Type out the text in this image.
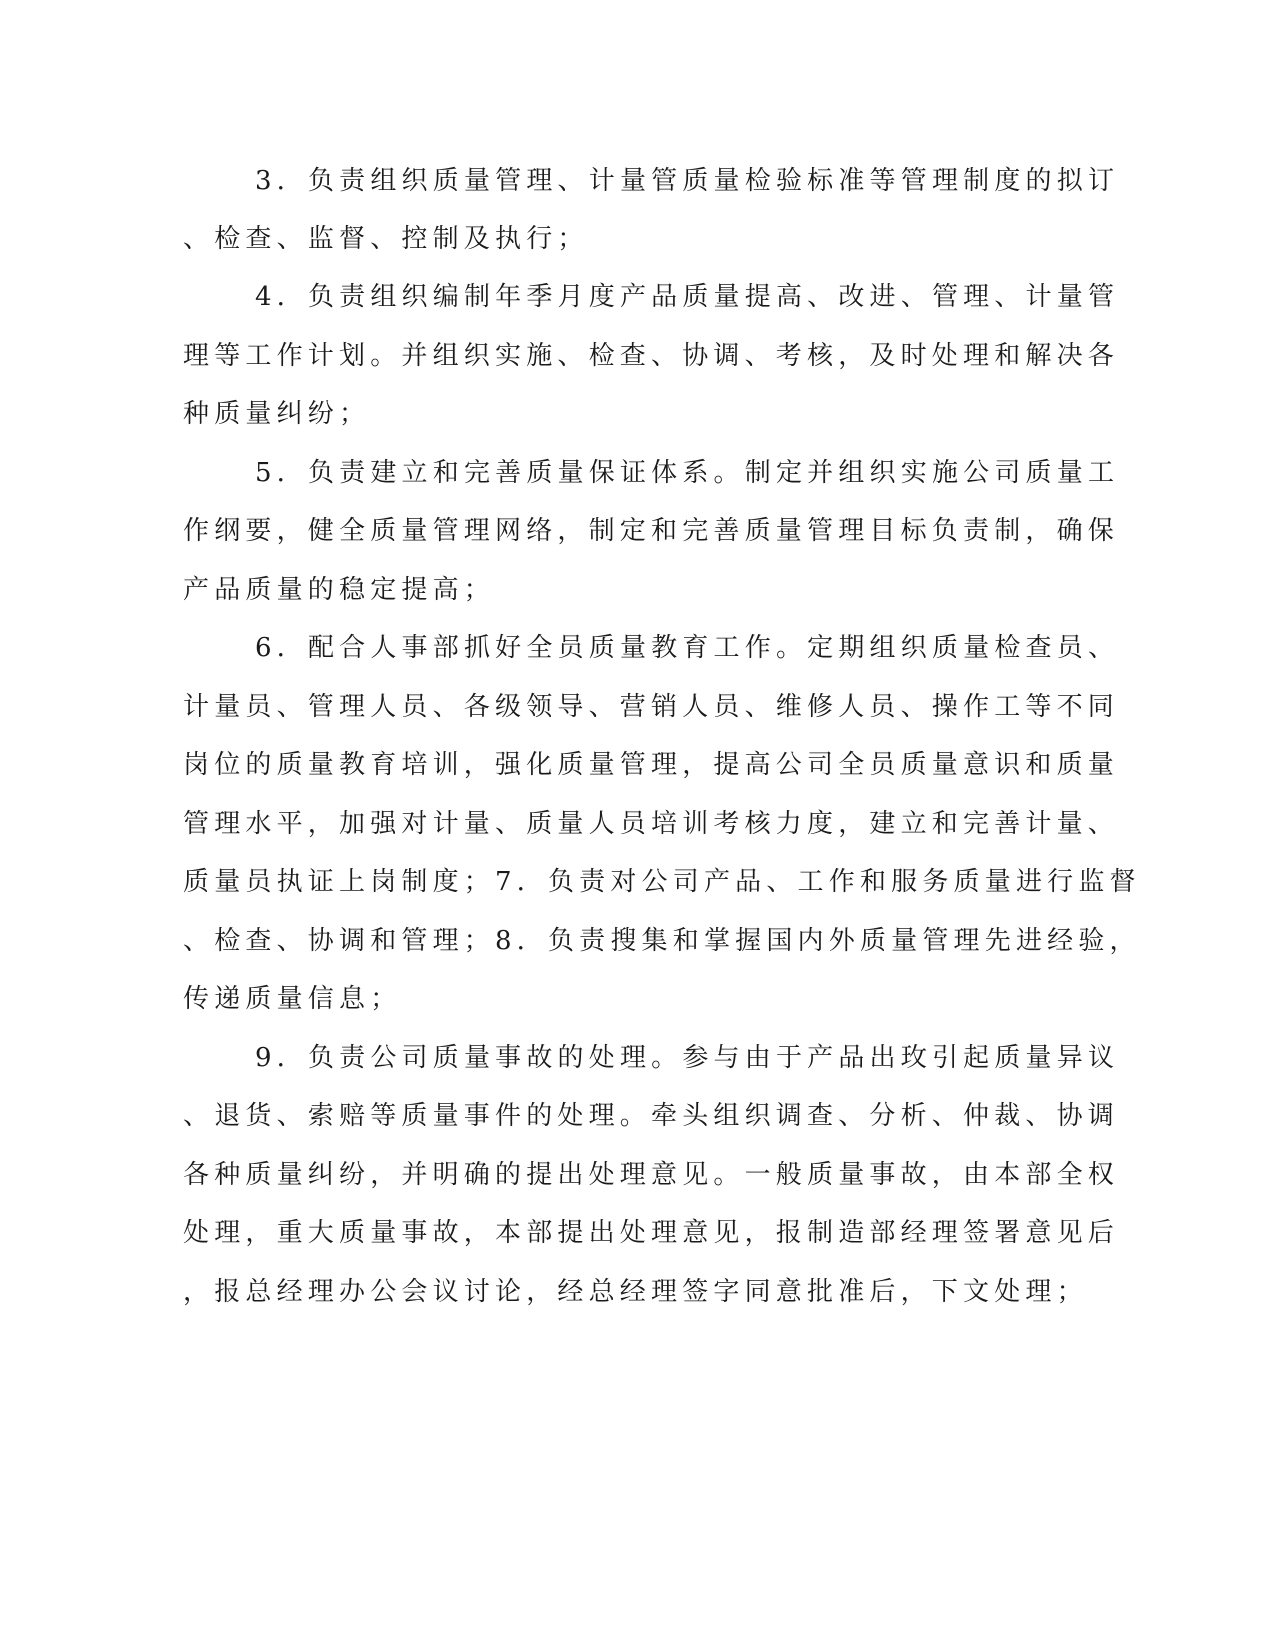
3．负责组织质量管理、计量管质量检验标准等管理制度的拟订

、检查、监督、控制及执行；

4．负责组织编制年季月度产品质量提高、改进、管理、计量管

理等工作计划。并组织实施、检查、协调、考核，及时处理和解决各

种质量纠纷；

5．负责建立和完善质量保证体系。制定并组织实施公司质量工

作纲要，健全质量管理网络，制定和完善质量管理目标负责制，确保

产品质量的稳定提高；

6．配合人事部抓好全员质量教育工作。定期组织质量检查员、

计量员、管理人员、各级领导、营销人员、维修人员、操作工等不同

岗位的质量教育培训，强化质量管理，提高公司全员质量意识和质量

管理水平，加强对计量、质量人员培训考核力度，建立和完善计量、

质量员执证上岗制度；7．负责对公司产品、工作和服务质量进行监督

、检查、协调和管理；8．负责搜集和掌握国内外质量管理先进经验，

传递质量信息；

9．负责公司质量事故的处理。参与由于产品出玫引起质量异议

、退货、索赔等质量事件的处理。牵头组织调查、分析、仲裁、协调

各种质量纠纷，并明确的提出处理意见。一般质量事故，由本部全权

处理，重大质量事故，本部提出处理意见，报制造部经理签署意见后

，报总经理办公会议讨论，经总经理签字同意批准后，下文处理；
